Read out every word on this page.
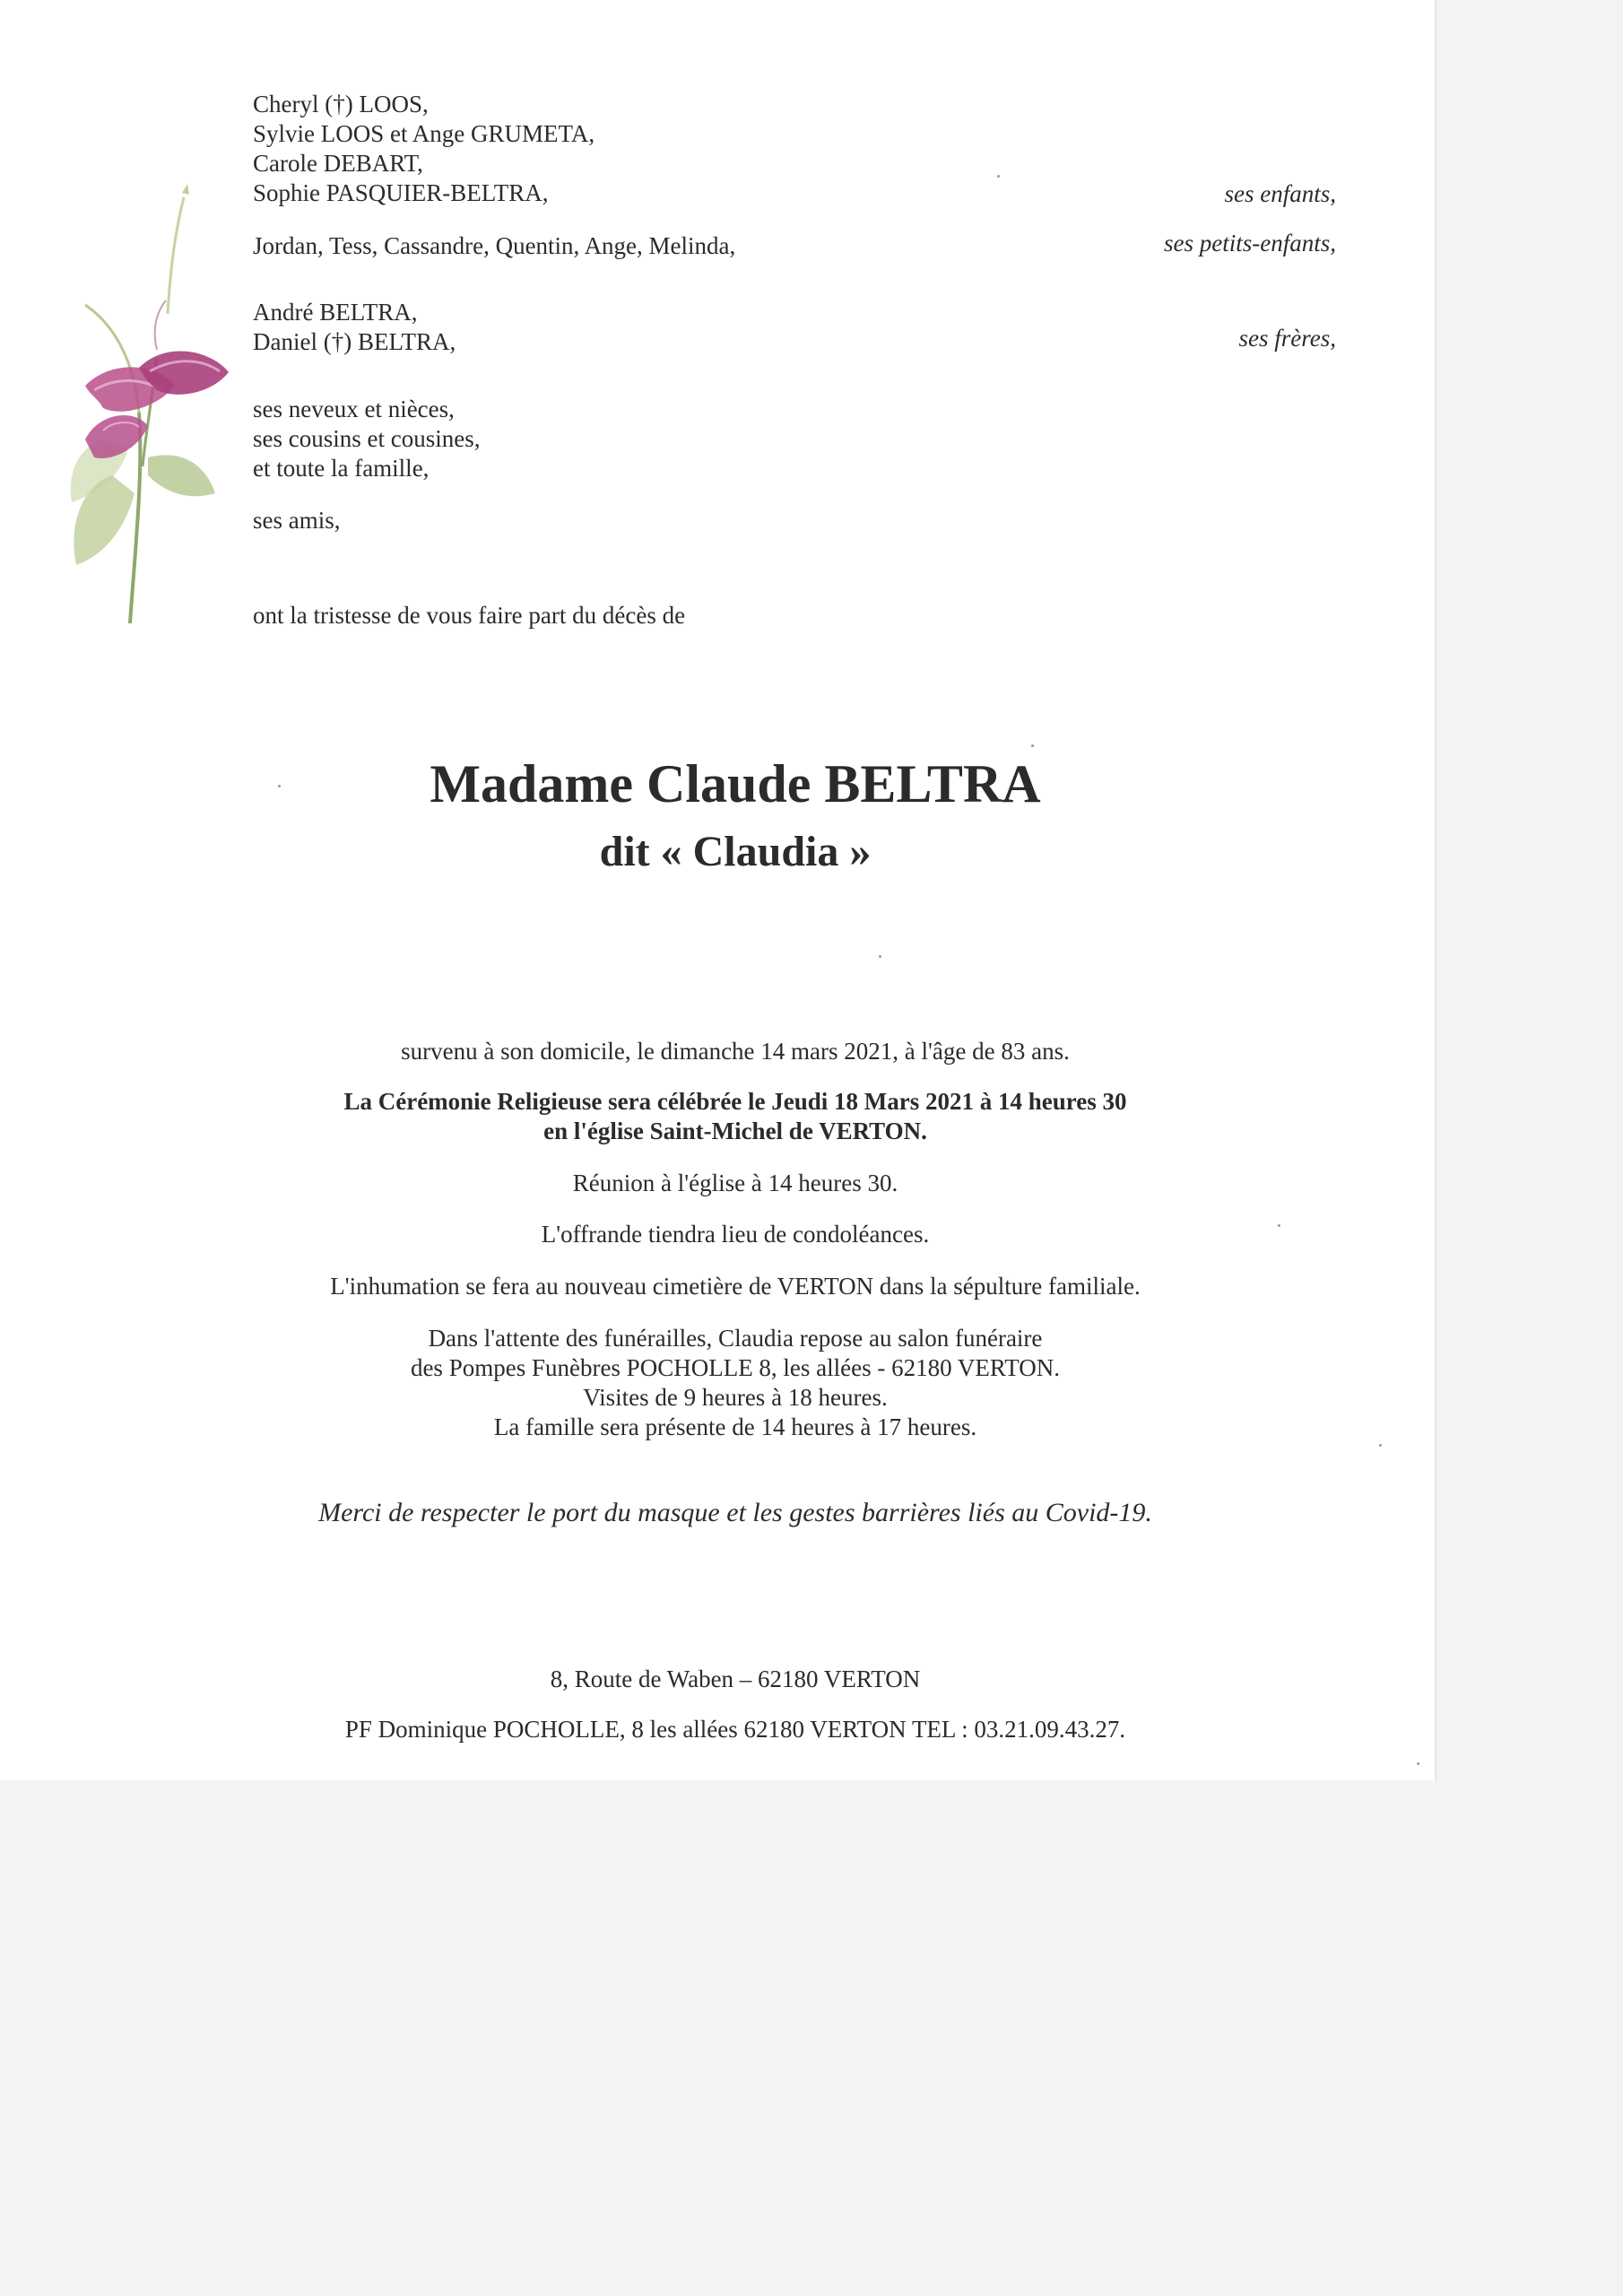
Cheryl (†) LOOS,
Sylvie LOOS et Ange GRUMETA,
Carole DEBART,
Sophie PASQUIER-BELTRA,	ses enfants,
Jordan, Tess, Cassandre, Quentin, Ange, Melinda,	ses petits-enfants,
André BELTRA,
Daniel (†) BELTRA,	ses frères,
ses neveux et nièces,
ses cousins et cousines,
et toute la famille,
ses amis,
ont la tristesse de vous faire part du décès de
Madame Claude BELTRA
dit « Claudia »
survenu à son domicile, le dimanche 14 mars 2021, à l'âge de 83 ans.
La Cérémonie Religieuse sera célébrée le Jeudi 18 Mars 2021 à 14 heures 30
en l'église Saint-Michel de VERTON.
Réunion à l'église à 14 heures 30.
L'offrande tiendra lieu de condoléances.
L'inhumation se fera au nouveau cimetière de VERTON dans la sépulture familiale.
Dans l'attente des funérailles, Claudia repose au salon funéraire
des Pompes Funèbres POCHOLLE 8, les allées - 62180 VERTON.
Visites de 9 heures à 18 heures.
La famille sera présente de 14 heures à 17 heures.
Merci de respecter le port du masque et les gestes barrières liés au Covid-19.
8, Route de Waben – 62180 VERTON
PF Dominique POCHOLLE, 8 les allées 62180 VERTON TEL : 03.21.09.43.27.
